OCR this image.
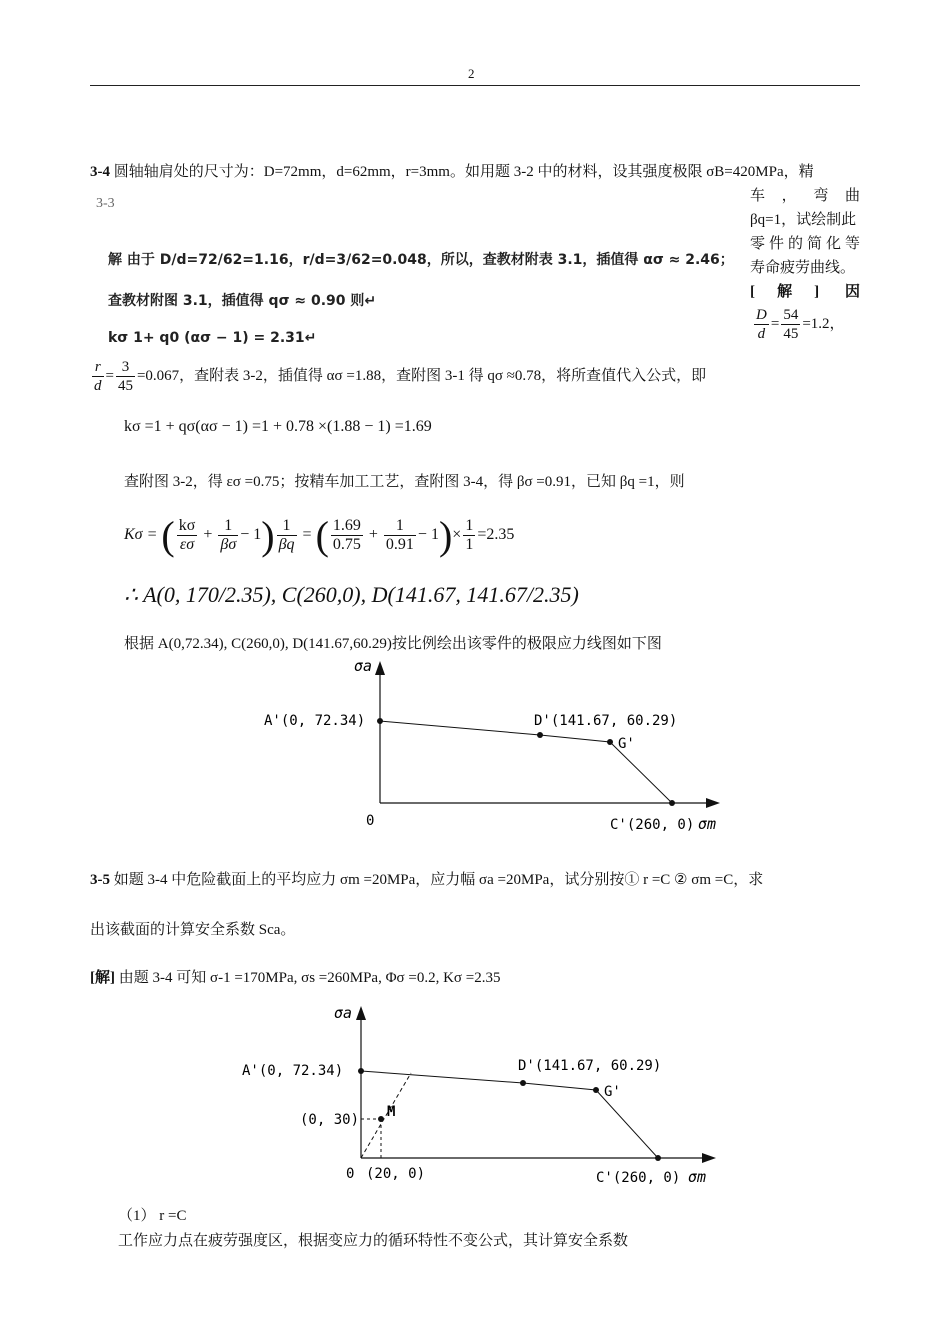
2
3-4 圆轴轴肩处的尺寸为：D=72mm，d=62mm，r=3mm。如用题 3-2 中的材料，设其强度极限 σB=420MPa，精
3-3	车，弯曲
βq=1，试绘制此
零件的简化等
寿命疲劳曲线。
[解] 因
$\frac{D}{d} = \frac{54}{45} =1.2$，
解 由于 D/d=72/62=1.16，r/d=3/62=0.048，所以，查教材附表 3.1，插值得 ασ ≈ 2.46；
查教材附图 3.1，插值得 qσ ≈ 0.90 则↵
kσ 1+ q0 (ασ − 1) = 2.31↵
$\frac{r}{d} = \frac{3}{45} =0.067$，查附表 3-2，插值得 ασ =1.88，查附图 3-1 得 qσ ≈0.78，将所查值代入公式，即
kσ =1 + qσ(ασ − 1) =1 + 0.78 ×(1.88 − 1) =1.69
查附图 3-2，得 εσ =0.75；按精车加工工艺，查附图 3-4，得 βσ =0.91，已知 βq =1，则
Kσ = ( $\frac{k\sigma}{\varepsilon\sigma} + \frac{1}{\beta\sigma} - 1) \frac{1}{\beta q}$ = ( $\frac{1.69}{0.75} + \frac{1}{0.91} - 1)\times \frac{1}{1} =2.35$
∴ A(0, 170/2.35), C(260,0), D(141.67, 141.67/2.35)
根据 A(0,72.34), C(260,0), D(141.67,60.29)按比例绘出该零件的极限应力线图如下图
σa
A'(0, 72.34)	D'(141.67, 60.29)
G'
0	C'(260, 0) σm
3-5 如题 3-4 中危险截面上的平均应力 σm =20MPa，应力幅 σa =20MPa，试分别按① r =C ② σm =C，求
出该截面的计算安全系数 Sca。
[解] 由题 3-4 可知 σ-1 =170MPa, σs =260MPa, Φσ =0.2, Kσ =2.35
σa
A'(0, 72.34)	D'(141.67, 60.29)
G'
(0, 30) M
0 (20, 0)	C'(260, 0) σm
（1） r =C
工作应力点在疲劳强度区，根据变应力的循环特性不变公式，其计算安全系数
